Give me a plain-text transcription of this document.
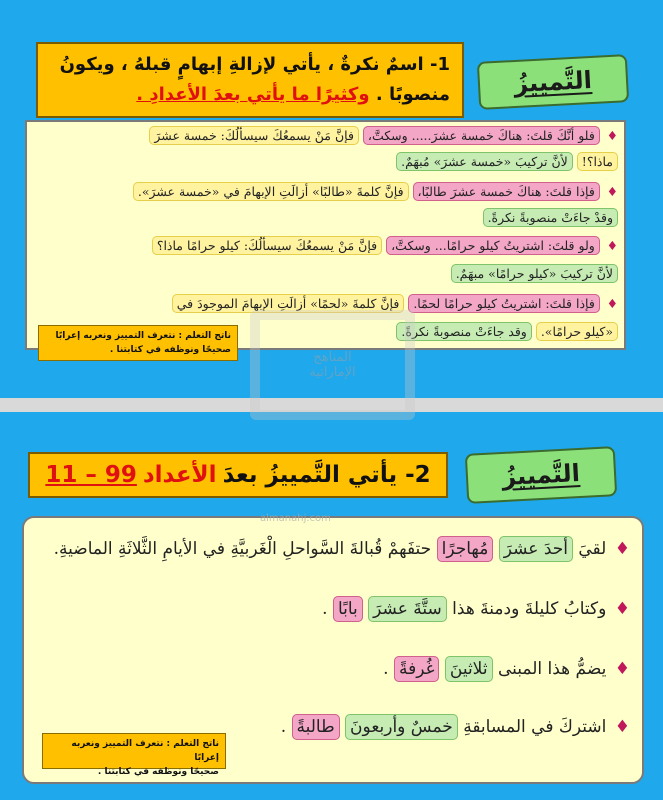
التَّمييزُ
1- اسمٌ نكرةٌ ، يأتي لإزالةِ إبهامٍ قبلهُ ، ويكونُ
منصوبًا . وكثيرًا ما يأتي بعدَ الأعدادِ .
♦ فلو أنَّكَ قلتَ: هناكَ خمسة عشرَ..... وسكتَّ، فإنَّ مَنْ يسمعُكَ سيسألُكَ: خمسة عشرَ
ماذا؟! لأنَّ تركيبَ «خمسة عشرَ» مُبهَمٌ.
♦ فإذا قلتَ: هناكَ خمسة عشرَ طالبًا، فإنَّ كلمةَ «طالبًا» أزالَتِ الإبهامَ في «خمسة عشرَ».
وقدْ جاءَتْ منصوبةً نكرةً.
♦ ولو قلتَ: اشتريتُ كيلو حرامًا... وسكتَّ، فإنَّ مَنْ يسمعُكَ سيسألُكَ: كيلو حرامًا ماذا؟
لأنَّ تركيبَ «كيلو حرامًا» مبهَمٌ.
♦ فإذا قلتَ: اشتريتُ كيلو حرامًا لحمًا. فإنَّ كلمةَ «لحمًا» أزالَتِ الإبهامَ الموجودَ في
«كيلو حرامًا». وقد جاءَتْ منصوبةً نكرةً.
ناتج التعلم : نتعرف التمييز ونعربه إعرابًا
صحيحًا ونوظفه في كتابتنا .
التَّمييزُ
2- يأتي التَّمييزُ بعدَ
الأعداد
11 – 99
♦ لقيَ أحدَ عشرَ مُهاجرًا حتفَهمْ قُبالةَ السَّواحلِ الْغَربيَّةِ في الأيامِ الثَّلاثَةِ الماضيةِ.
♦ وكتابُ كليلةَ ودمنةَ هذا ستَّةَ عشرَ بابًا .
♦ يضمُّ هذا المبنى ثلاثينَ غُرفةً .
♦ اشتركَ في المسابقةِ خمسٌ وأربعونَ طالبةً .
ناتج التعلم : نتعرف التمييز ونعربه إعرابًا
صحيحًا ونوظفه في كتابتنا .
المناهج
الإماراتية
almanahj.com
